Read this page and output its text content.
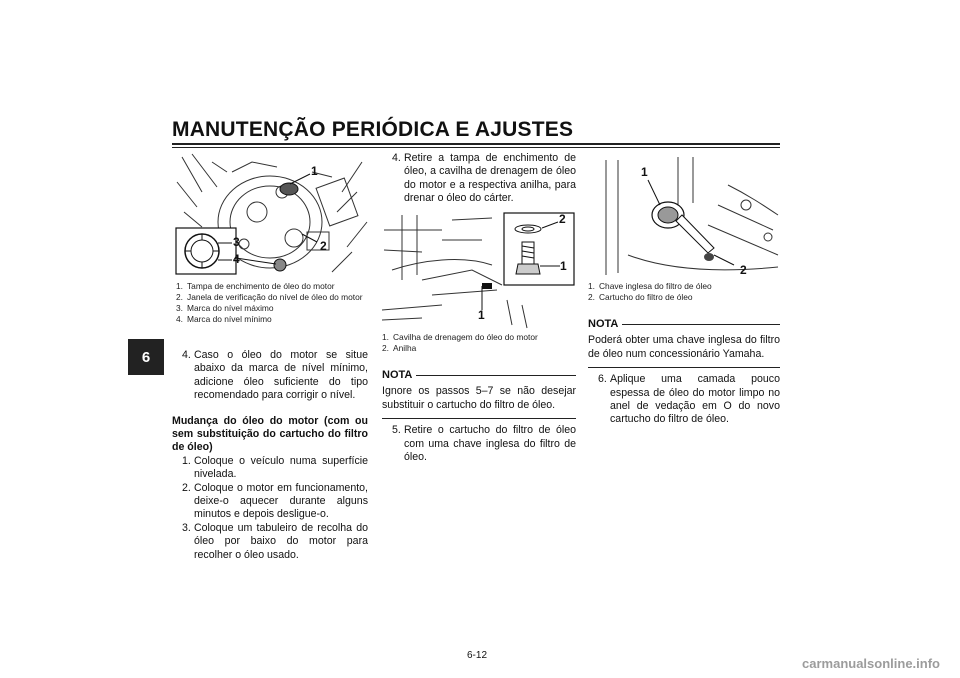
MANUTENÇÃO PERIÓDICA E AJUSTES
6
1
2
3
4
1. Tampa de enchimento de óleo do motor
2. Janela de verificação do nível de óleo do motor
3. Marca do nível máximo
4. Marca do nível mínimo
4. Caso o óleo do motor se situe abaixo da marca de nível mínimo, adicione óleo suficiente do tipo recomendado para corrigir o nível.
Mudança do óleo do motor (com ou sem substituição do cartucho do filtro de óleo)
1. Coloque o veículo numa superfície nivelada.
2. Coloque o motor em funcionamento, deixe-o aquecer durante alguns minutos e depois desligue-o.
3. Coloque um tabuleiro de recolha do óleo por baixo do motor para recolher o óleo usado.
4. Retire a tampa de enchimento de óleo, a cavilha de drenagem de óleo do motor e a respectiva anilha, para drenar o óleo do cárter.
2
1
1
1. Cavilha de drenagem do óleo do motor
2. Anilha
NOTA
Ignore os passos 5–7 se não desejar substituir o cartucho do filtro de óleo.
5. Retire o cartucho do filtro de óleo com uma chave inglesa do filtro de óleo.
1
2
1. Chave inglesa do filtro de óleo
2. Cartucho do filtro de óleo
NOTA
Poderá obter uma chave inglesa do filtro de óleo num concessionário Yamaha.
6. Aplique uma camada pouco espessa de óleo do motor limpo no anel de vedação em O do novo cartucho do filtro de óleo.
6-12
carmanualsonline.info
